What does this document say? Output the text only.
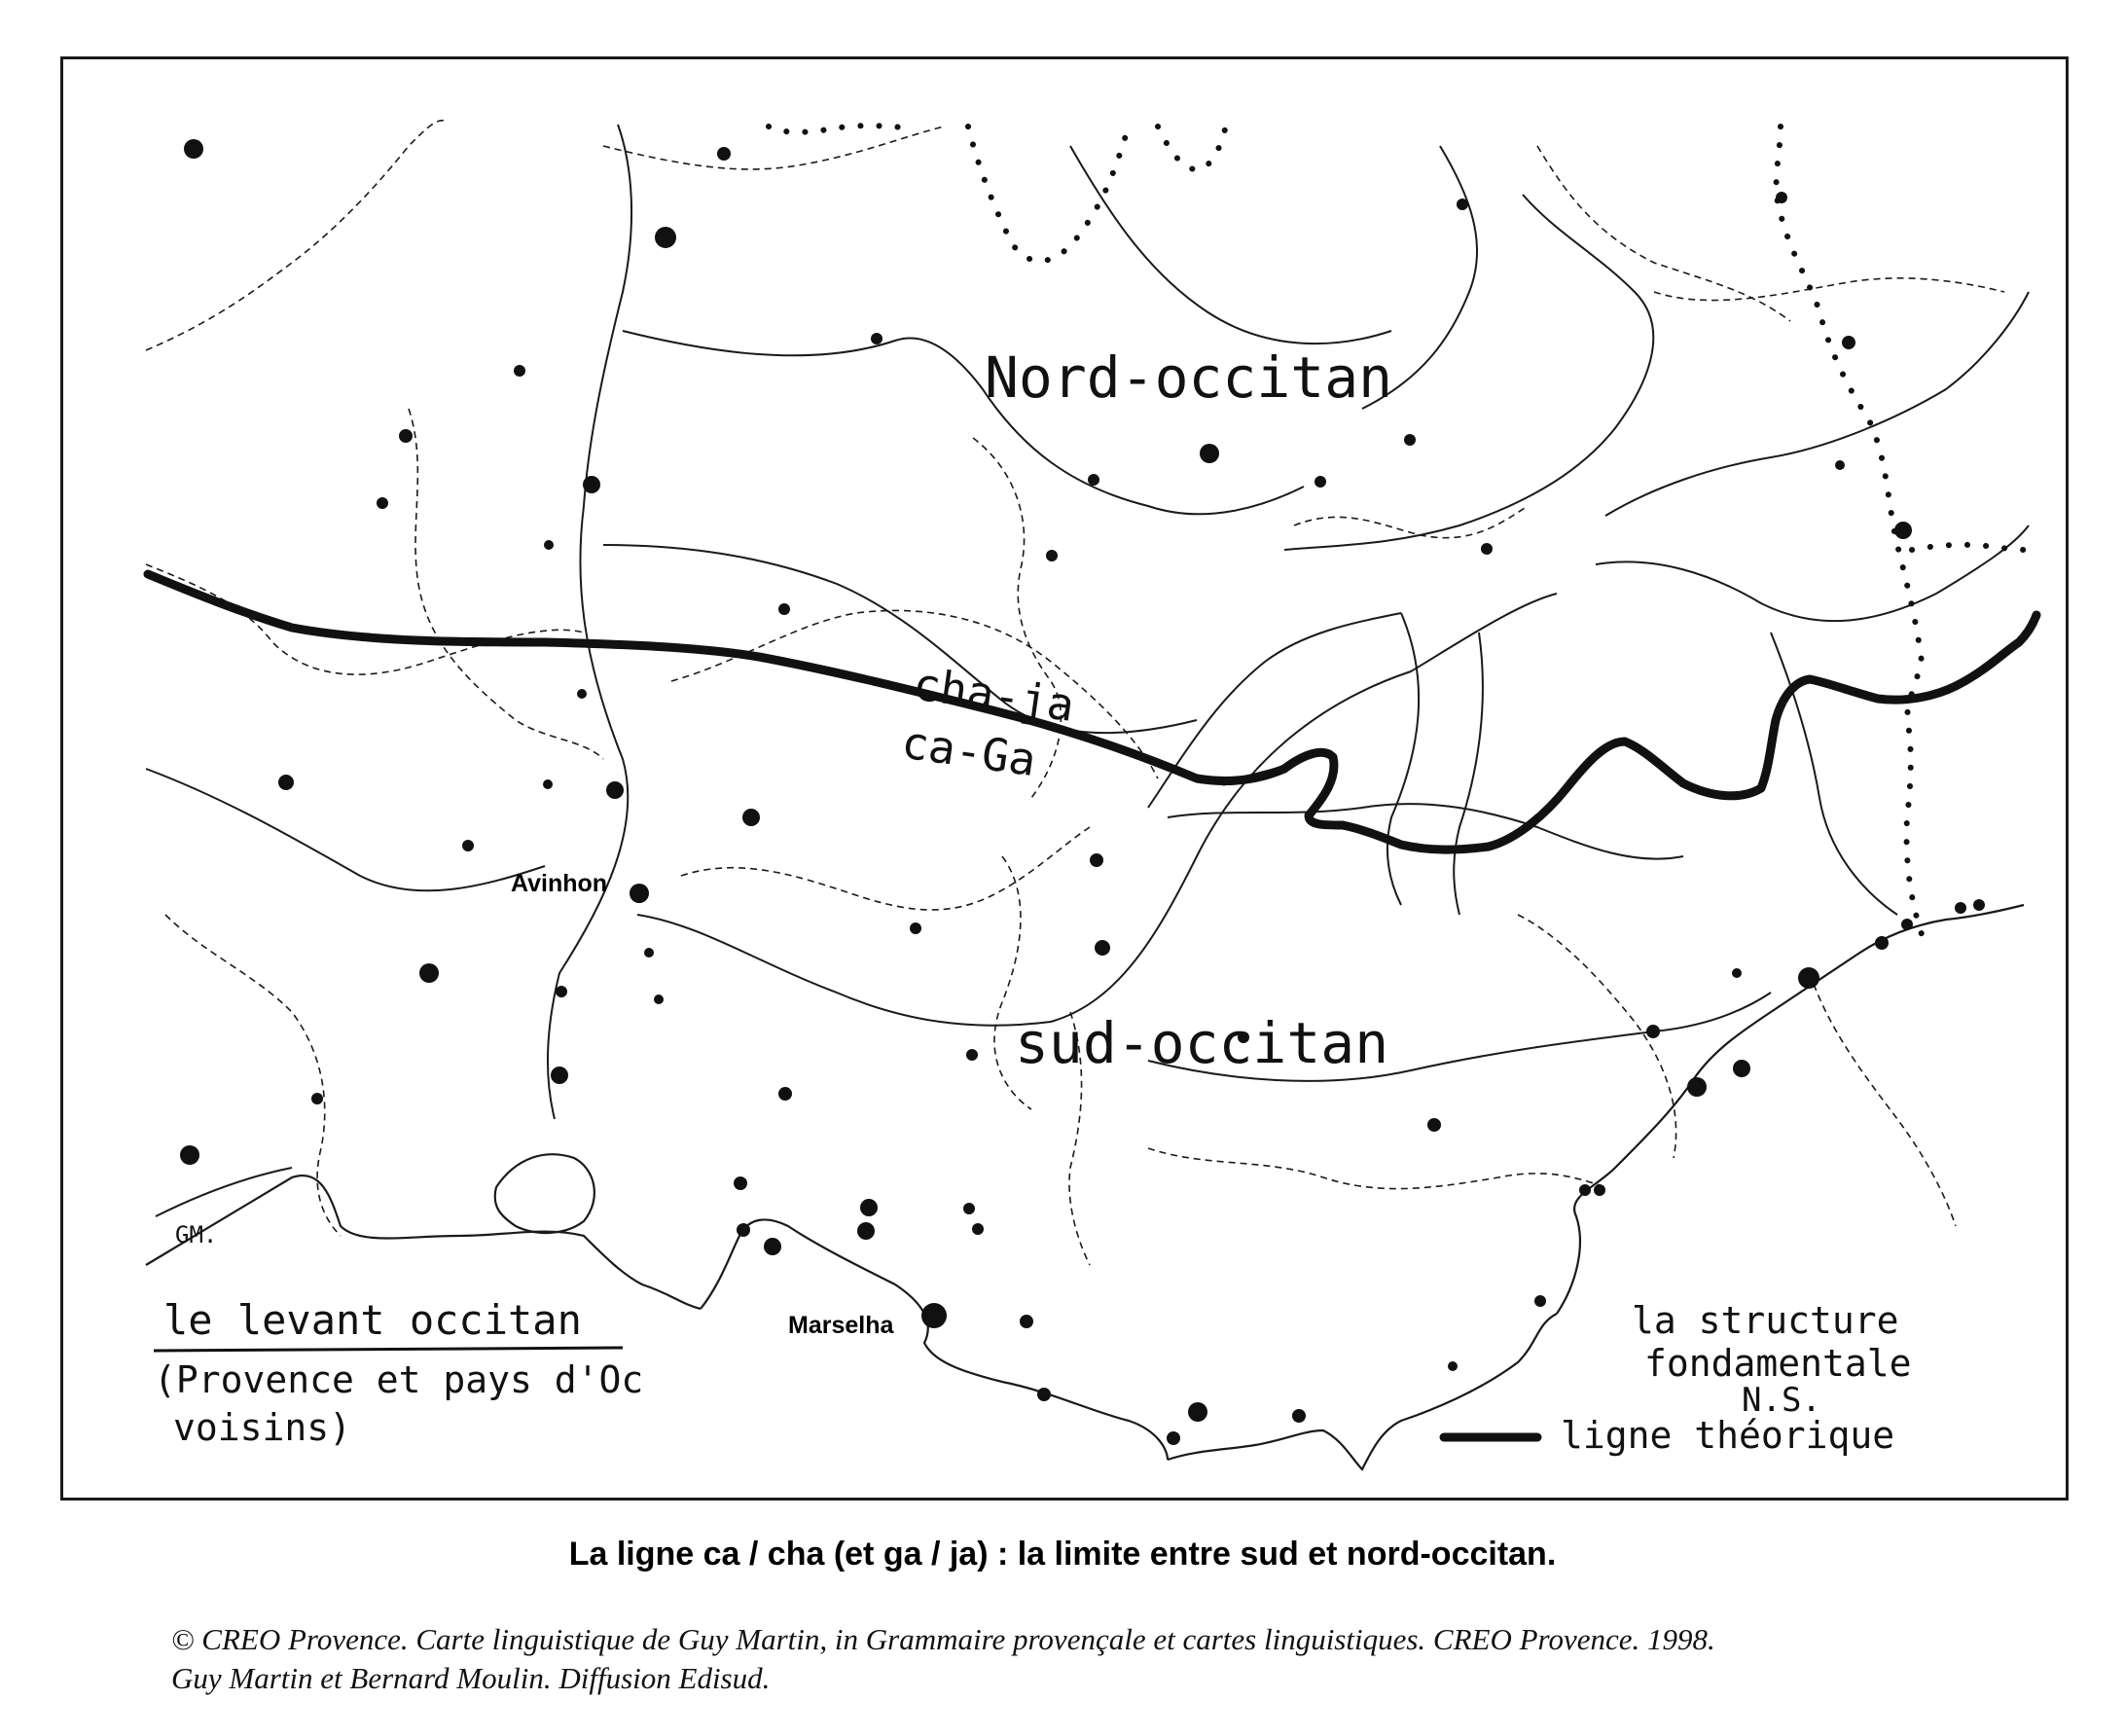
Nord-occitan
sud-occitan
cha-ja
ca-Ga
GM.
le levant occitan
(Provence et pays d'Oc
voisins)
Avinhon
Marselha	la structure
fondamentale
N.S.
ligne théorique
La ligne ca / cha (et ga / ja) : la limite entre sud et nord-occitan.
© CREO Provence. Carte linguistique de Guy Martin, in Grammaire provençale et cartes linguistiques. CREO Provence. 1998.
Guy Martin et Bernard Moulin. Diffusion Edisud.
